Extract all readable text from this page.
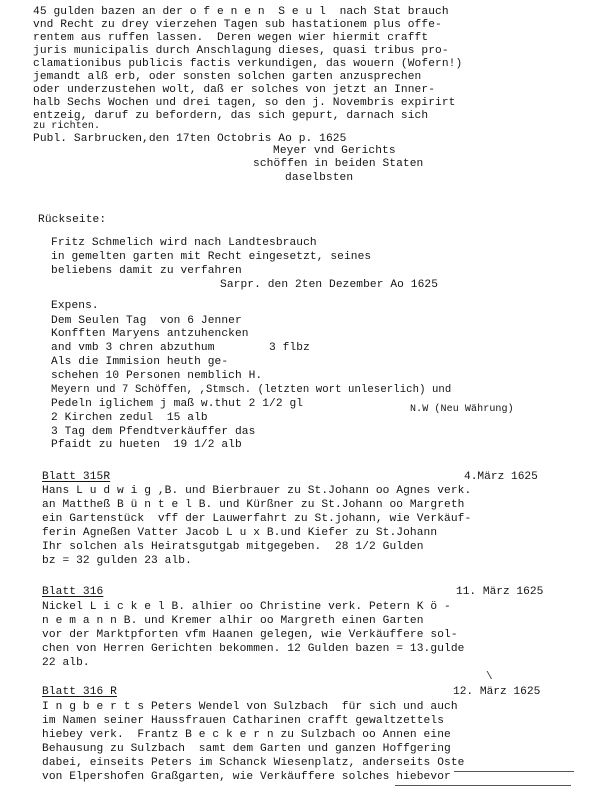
45 gulden bazen an der o f e n e n  S e u l  nach Stat brauch
vnd Recht zu drey vierzehen Tagen sub hastationem plus offe-
rentem aus ruffen lassen.  Deren wegen wier hiermit crafft
juris municipalis durch Anschlagung dieses, quasi tribus pro-
clamationibus publicis factis verkundigen, das wouern (Wofern!)
jemandt alß erb, oder sonsten solchen garten anzusprechen
oder underzustehen wolt, daß er solches von jetzt an Inner-
halb Sechs Wochen und drei tagen, so den j. Novembris expirirt
entzeig, daruf zu befordern, das sich gepurt, darnach sich
zu richten.
Publ. Sarbrucken,den 17ten Octobris Ao p. 1625
Meyer vnd Gerichts
schöffen in beiden Staten
daselbsten
Rückseite:
Fritz Schmelich wird nach Landtesbrauch
in gemelten garten mit Recht eingesetzt, seines
beliebens damit zu verfahren
Sarpr. den 2ten Dezember Ao 1625
Expens.
Dem Seulen Tag  von 6 Jenner
Konfften Maryens antzuhencken
and vmb 3 chren abzuthum        3 flbz
Als die Immision heuth ge-
schehen 10 Personen nemblich H.
Meyern und 7 Schöffen, ,Stmsch. (letzten wort unleserlich) und
Pedeln iglichem j maß w.thut 2 1/2 gl	N.W (Neu Währung)
2 Kirchen zedul  15 alb
3 Tag dem Pfendtverkäuffer das
Pfaidt zu hueten  19 1/2 alb
Blatt 315R	4.März 1625
Hans L u d w i g ,B. und Bierbrauer zu St.Johann oo Agnes verk.
an Mattheß B ü n t e l B. und Kürßner zu St.Johann oo Margreth
ein Gartenstück  vff der Lauwerfahrt zu St.johann, wie Verkäuf-
ferin Agneßen Vatter Jacob L u x B.und Kiefer zu St.Johann
Ihr solchen als Heiratsgutgab mitgegeben.  28 1/2 Gulden
bz = 32 gulden 23 alb.
Blatt 316	11. März 1625
Nickel L i c k e l B. alhier oo Christine verk. Petern K ö -
n e m a n n B. und Kremer alhir oo Margreth einen Garten
vor der Marktpforten vfm Haanen gelegen, wie Verkäuffere sol-
chen von Herren Gerichten bekommen. 12 Gulden bazen = 13.gulde
22 alb.
\
Blatt 316 R	12. März 1625
I n g b e r t s Peters Wendel von Sulzbach  für sich und auch
im Namen seiner Haussfrauen Catharinen crafft gewaltzettels
hiebey verk.  Frantz B e c k e r n zu Sulzbach oo Annen eine
Behausung zu Sulzbach  samt dem Garten und ganzen Hoffgering
dabei, einseits Peters im Schanck Wiesenplatz, anderseits Oste
von Elpershofen Graßgarten, wie Verkäuffere solches hiebevor
